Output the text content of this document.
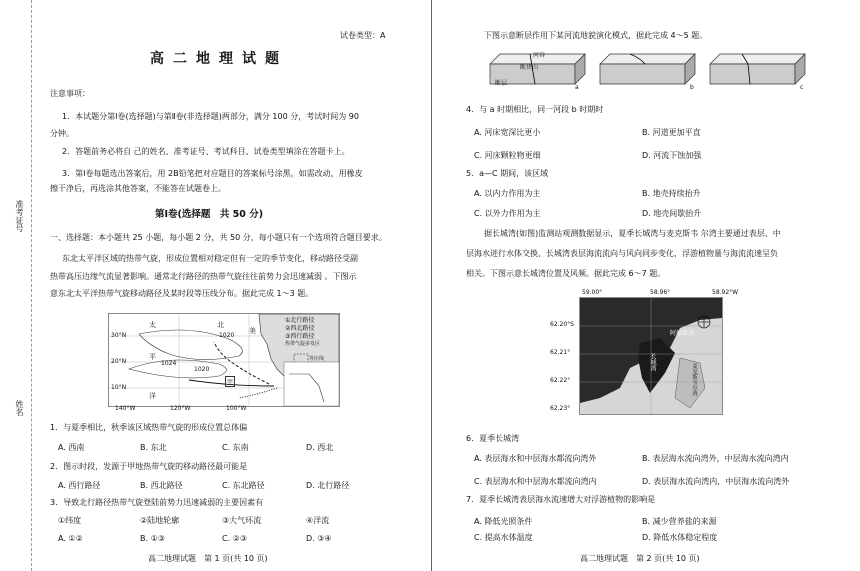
准考证号
姓名
试卷类型：A
高二地理试题
注意事项：
1．本试题分第Ⅰ卷(选择题)与第Ⅱ卷(非选择题)两部分，满分 100 分，考试时间为 90
分钟。
2．答题前务必将自 己的姓名、准考证号、考试科目、试卷类型填涂在答题卡上。
3．第Ⅰ卷每题选出答案后，用 2B铅笔把对应题目的答案标号涂黑，如需改动，用橡皮
擦干净后，再选涂其他答案，不能答在试题卷上。
第Ⅰ卷(选择题　共 50 分)
一、选择题：本小题共 25 小题，每小题 2 分，共 50 分，每小题只有一个选项符合题目要求。
东北太平洋区域的热带气旋，形成位置相对稳定但有一定的季节变化，移动路径受副
热带高压边缘气流显著影响。通常北行路径的热带气旋往往前势力会迅速减弱 。下图示
意东北太平洋热带气旋移动路径及某时段等压线分布。据此完成 1～3 题。
30°N
20°N
10°N
太
平
洋
北
美
1020
1024
1020
甲
①北行路径
②西北路径
③西行路径
热带气旋多发区
等压线
140°W	120°W	100°W
1．与夏季相比，秋季该区域热带气旋的形成位置总体偏
A. 西南	B. 东北	C. 东南	D. 西北
2．图示时段，发源于甲地热带气旋的移动路径最可能是
A. 西行路径	B. 西北路径	C. 东北路径	D. 北行路径
3．导致北行路径热带气旋登陆前势力迅速减弱的主要因素有
①纬度	②陆地轮廓	③大气环流	④洋流
A. ①②	B. ①③	C. ②③	D. ③④
高二地理试题　第 1 页(共 10 页)
下图示意断层作用下某河流地貌演化模式，据此完成 4～5 题。
河谷
断块山
断层
a	b	c
4．与 a 时期相比，同一河段 b 时期时
A. 河床宽深比更小	B. 河道更加平直
C. 河床颗粒物更细	D. 河流下蚀加强
5．a—C 期间，该区域
A. 以内力作用为主	B. 地壳持续抬升
C. 以外力作用为主	D. 地壳间歇抬升
据长城湾(如图)监测站观测数据显示，夏季长城湾与麦克斯韦 尔湾主要通过表层、中
层海水进行水体交换，长城湾表层海流流向与风向同步变化，浮游植物量与海流流速呈负
相关。下图示意长城湾位置及风频。据此完成 6～7 题。
59.00°	58.96°	58.92°W
62.20°S
62.21°
62.22°
62.23°
阿德雷湾
长城湾
麦克斯韦尔湾
6．夏季长城湾
A. 表层海水和中层海水都流向湾外	B. 表层海水流向湾外，中层海水流向湾内
C. 表层海水和中层海水都流向湾内	D. 表层海水流向湾内，中层海水流向湾外
7．夏季长城湾表层海水流速增大对浮游植物的影响是
A. 降低光照条件	B. 减少营养盐的来源
C. 提高水体温度	D. 降低水体稳定程度
高二地理试题　第 2 页(共 10 页)
